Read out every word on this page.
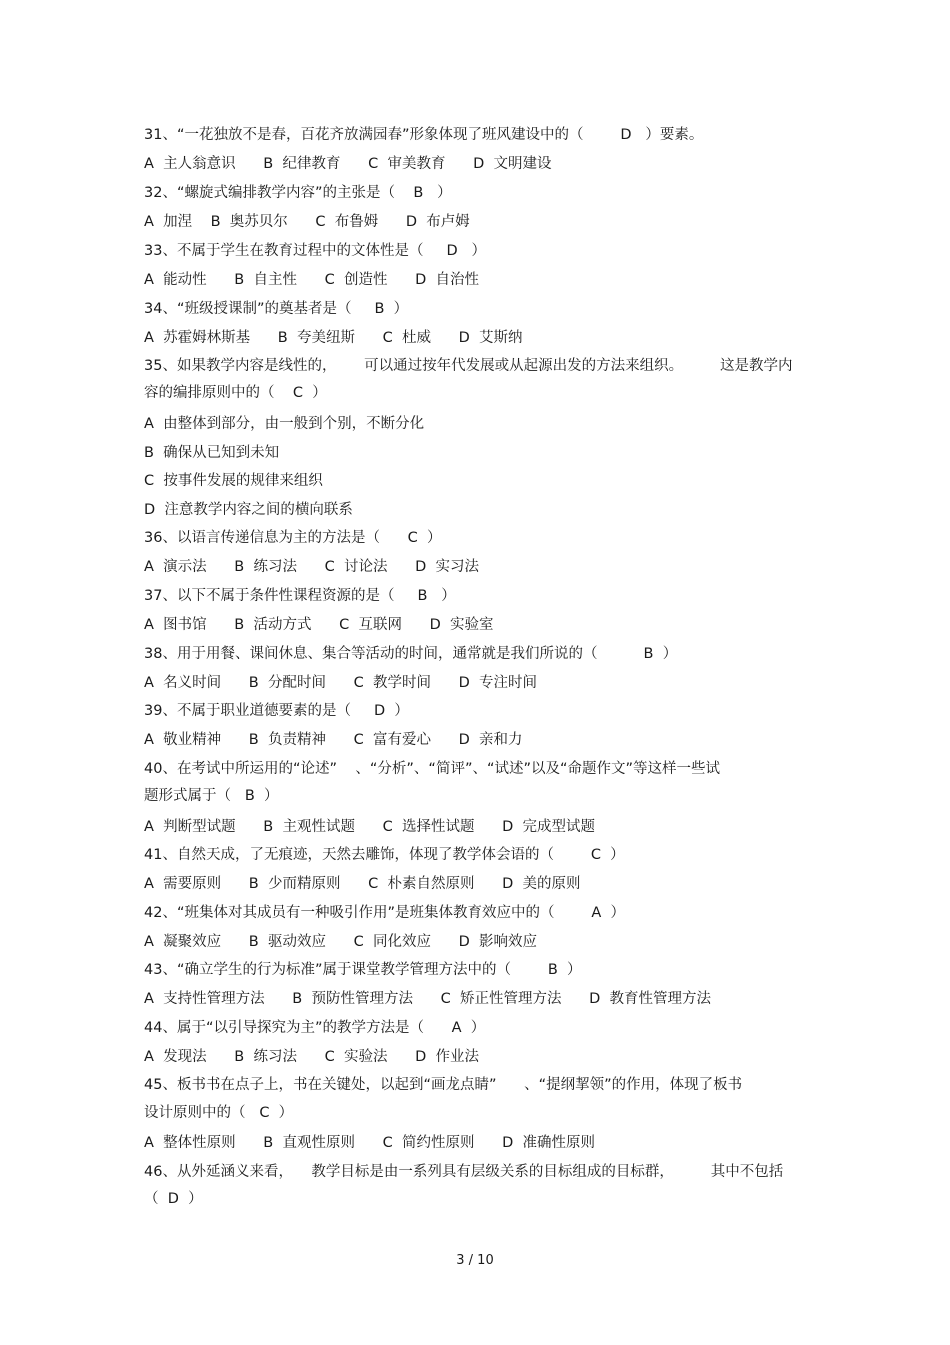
31、“一花独放不是春，百花齐放满园春”形象体现了班风建设中的（        D   ）要素。
A  主人翁意识      B  纪律教育      C  审美教育      D  文明建设
32、“螺旋式编排教学内容”的主张是（    B   ）
A  加涅    B  奥苏贝尔      C  布鲁姆      D  布卢姆
33、不属于学生在教育过程中的文体性是（     D   ）
A  能动性      B  自主性      C  创造性      D  自治性
34、“班级授课制”的奠基者是（     B  ）
A  苏霍姆林斯基      B  夸美纽斯      C  杜威      D  艾斯纳
35、如果教学内容是线性的，      可以通过按年代发展或从起源出发的方法来组织。        这是教学内
容的编排原则中的（    C  ）
A  由整体到部分，由一般到个别，不断分化
B  确保从已知到未知
C  按事件发展的规律来组织
D  注意教学内容之间的横向联系
36、以语言传递信息为主的方法是（      C  ）
A  演示法      B  练习法      C  讨论法      D  实习法
37、以下不属于条件性课程资源的是（     B   ）
A  图书馆      B  活动方式      C  互联网      D  实验室
38、用于用餐、课间休息、集合等活动的时间，通常就是我们所说的（          B  ）
A  名义时间      B  分配时间      C  教学时间      D  专注时间
39、不属于职业道德要素的是（     D  ）
A  敬业精神      B  负责精神      C  富有爱心      D  亲和力
40、在考试中所运用的“论述”    、“分析”、“简评”、“试述”以及“命题作文”等这样一些试
题形式属于（   B  ）
A  判断型试题      B  主观性试题      C  选择性试题      D  完成型试题
41、自然天成，了无痕迹，天然去雕饰，体现了教学体会语的（        C  ）
A  需要原则      B  少而精原则      C  朴素自然原则      D  美的原则
42、“班集体对其成员有一种吸引作用”是班集体教育效应中的（        A  ）
A  凝聚效应      B  驱动效应      C  同化效应      D  影响效应
43、“确立学生的行为标准”属于课堂教学管理方法中的（        B  ）
A  支持性管理方法      B  预防性管理方法      C  矫正性管理方法      D  教育性管理方法
44、属于“以引导探究为主”的教学方法是（      A  ）
A  发现法      B  练习法      C  实验法      D  作业法
45、板书书在点子上，书在关键处，以起到“画龙点睛”      、“提纲挈领”的作用，体现了板书
设计原则中的（   C  ）
A  整体性原则      B  直观性原则      C  简约性原则      D  准确性原则
46、从外延涵义来看，    教学目标是由一系列具有层级关系的目标组成的目标群，        其中不包括
（  D  ）
3 / 10
